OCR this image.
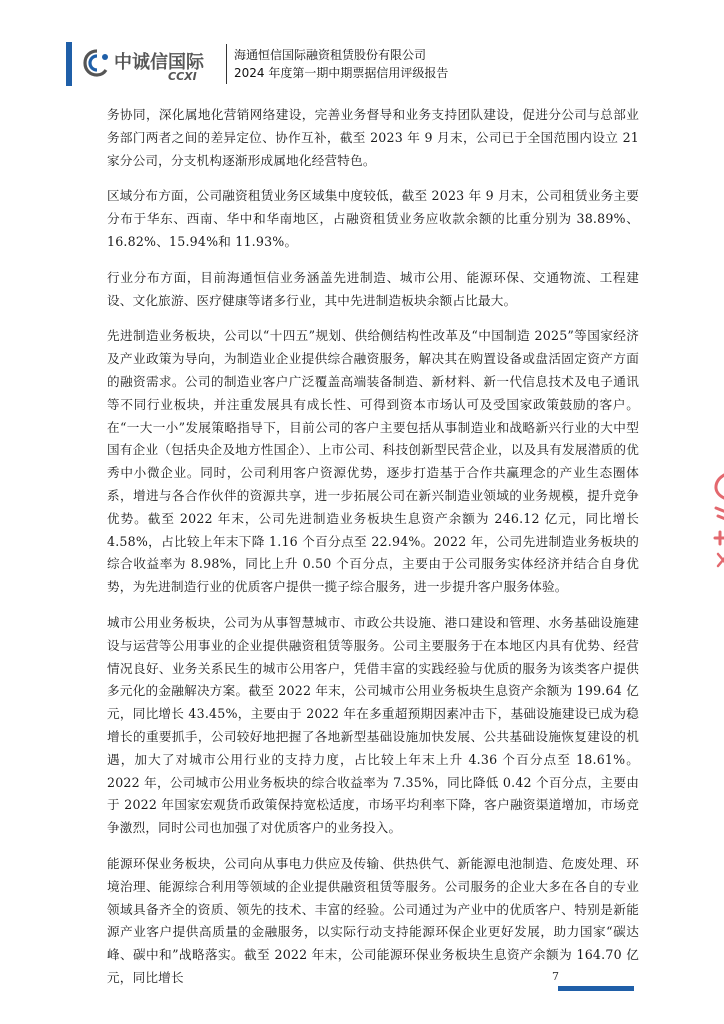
中诚信国际
CCXI
海通恒信国际融资租赁股份有限公司
2024 年度第一期中期票据信用评级报告

务协同，深化属地化营销网络建设，完善业务督导和业务支持团队建设，促进分公司与总部业务部门两者之间的差异定位、协作互补，截至 2023 年 9 月末，公司已于全国范围内设立 21 家分公司，分支机构逐渐形成属地化经营特色。

区域分布方面，公司融资租赁业务区域集中度较低，截至 2023 年 9 月末，公司租赁业务主要分布于华东、西南、华中和华南地区，占融资租赁业务应收款余额的比重分别为 38.89%、16.82%、15.94%和 11.93%。

行业分布方面，目前海通恒信业务涵盖先进制造、城市公用、能源环保、交通物流、工程建设、文化旅游、医疗健康等诸多行业，其中先进制造板块余额占比最大。

先进制造业务板块，公司以“十四五”规划、供给侧结构性改革及“中国制造 2025”等国家经济及产业政策为导向，为制造业企业提供综合融资服务，解决其在购置设备或盘活固定资产方面的融资需求。公司的制造业客户广泛覆盖高端装备制造、新材料、新一代信息技术及电子通讯等不同行业板块，并注重发展具有成长性、可得到资本市场认可及受国家政策鼓励的客户。在“一大一小”发展策略指导下，目前公司的客户主要包括从事制造业和战略新兴行业的大中型国有企业（包括央企及地方性国企）、上市公司、科技创新型民营企业，以及具有发展潜质的优秀中小微企业。同时，公司利用客户资源优势，逐步打造基于合作共赢理念的产业生态圈体系，增进与各合作伙伴的资源共享，进一步拓展公司在新兴制造业领域的业务规模，提升竞争优势。截至 2022 年末，公司先进制造业务板块生息资产余额为 246.12 亿元，同比增长 4.58%，占比较上年末下降 1.16 个百分点至 22.94%。2022 年，公司先进制造业务板块的综合收益率为 8.98%，同比上升 0.50 个百分点，主要由于公司服务实体经济并结合自身优势，为先进制造行业的优质客户提供一揽子综合服务，进一步提升客户服务体验。

城市公用业务板块，公司为从事智慧城市、市政公共设施、港口建设和管理、水务基础设施建设与运营等公用事业的企业提供融资租赁等服务。公司主要服务于在本地区内具有优势、经营情况良好、业务关系民生的城市公用客户，凭借丰富的实践经验与优质的服务为该类客户提供多元化的金融解决方案。截至 2022 年末，公司城市公用业务板块生息资产余额为 199.64 亿元，同比增长 43.45%，主要由于 2022 年在多重超预期因素冲击下，基础设施建设已成为稳增长的重要抓手，公司较好地把握了各地新型基础设施加快发展、公共基础设施恢复建设的机遇，加大了对城市公用行业的支持力度，占比较上年末上升 4.36 个百分点至 18.61%。2022 年，公司城市公用业务板块的综合收益率为 7.35%，同比降低 0.42 个百分点，主要由于 2022 年国家宏观货币政策保持宽松适度，市场平均利率下降，客户融资渠道增加，市场竞争激烈，同时公司也加强了对优质客户的业务投入。

能源环保业务板块，公司向从事电力供应及传输、供热供气、新能源电池制造、危废处理、环境治理、能源综合利用等领域的企业提供融资租赁等服务。公司服务的企业大多在各自的专业领域具备齐全的资质、领先的技术、丰富的经验。公司通过为产业中的优质客户、特别是新能源产业客户提供高质量的金融服务，以实际行动支持能源环保企业更好发展，助力国家“碳达峰、碳中和”战略落实。截至 2022 年末，公司能源环保业务板块生息资产余额为 164.70 亿元，同比增长	7
